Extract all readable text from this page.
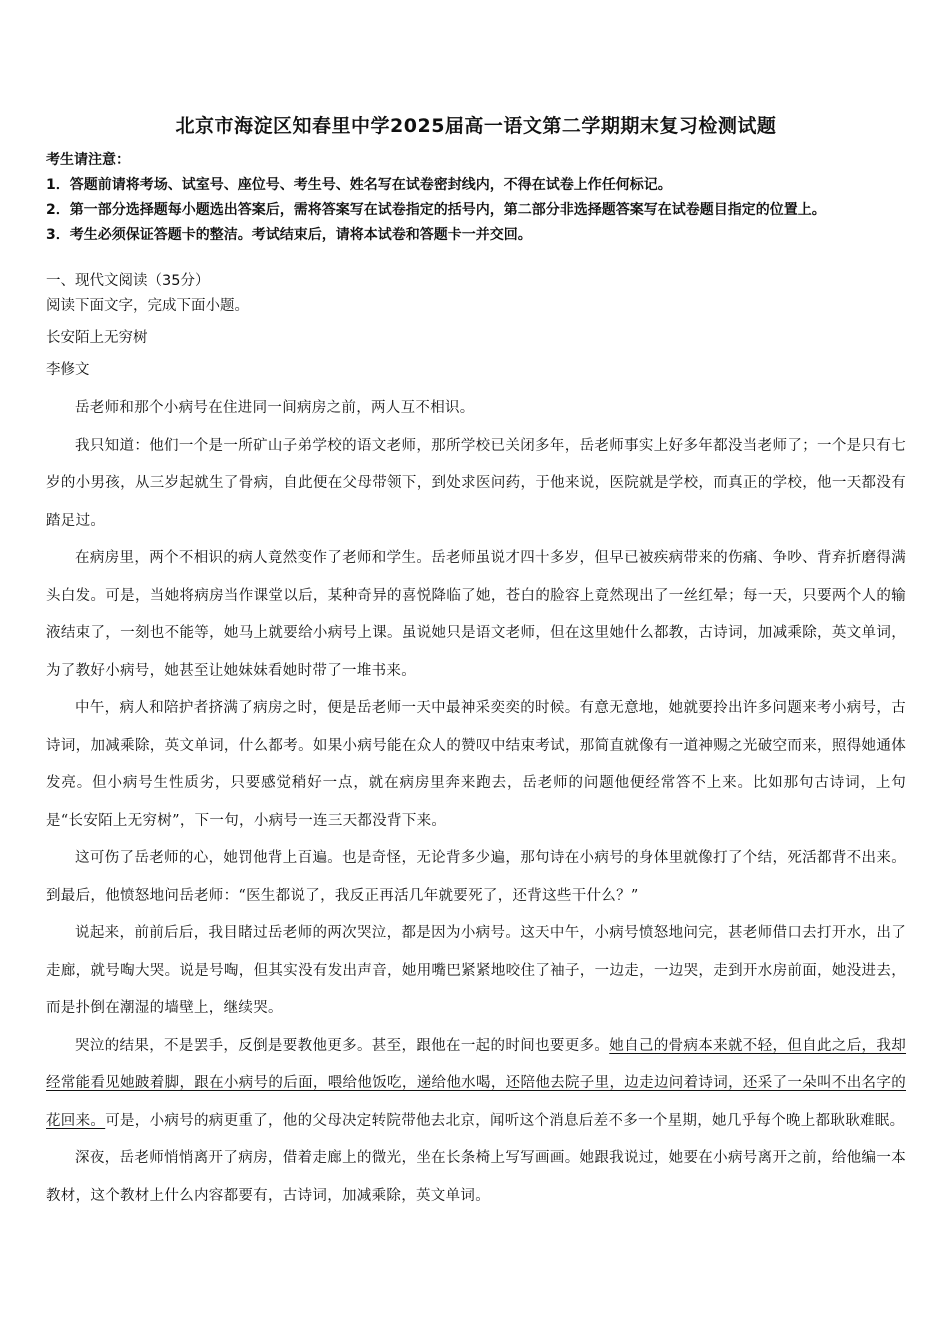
北京市海淀区知春里中学2025届高一语文第二学期期末复习检测试题

考生请注意：

1．答题前请将考场、试室号、座位号、考生号、姓名写在试卷密封线内，不得在试卷上作任何标记。

2．第一部分选择题每小题选出答案后，需将答案写在试卷指定的括号内，第二部分非选择题答案写在试卷题目指定的位置上。

3．考生必须保证答题卡的整洁。考试结束后，请将本试卷和答题卡一并交回。

一、现代文阅读（35分）

阅读下面文字，完成下面小题。

长安陌上无穷树

李修文

岳老师和那个小病号在住进同一间病房之前，两人互不相识。

我只知道：他们一个是一所矿山子弟学校的语文老师，那所学校已关闭多年，岳老师事实上好多年都没当老师了；一个是只有七岁的小男孩，从三岁起就生了骨病，自此便在父母带领下，到处求医问药，于他来说，医院就是学校，而真正的学校，他一天都没有踏足过。

在病房里，两个不相识的病人竟然变作了老师和学生。岳老师虽说才四十多岁，但早已被疾病带来的伤痛、争吵、背弃折磨得满头白发。可是，当她将病房当作课堂以后，某种奇异的喜悦降临了她，苍白的脸容上竟然现出了一丝红晕；每一天，只要两个人的输液结束了，一刻也不能等，她马上就要给小病号上课。虽说她只是语文老师，但在这里她什么都教，古诗词，加减乘除，英文单词，为了教好小病号，她甚至让她妹妹看她时带了一堆书来。

中午，病人和陪护者挤满了病房之时，便是岳老师一天中最神采奕奕的时候。有意无意地，她就要拎出许多问题来考小病号，古诗词，加减乘除，英文单词，什么都考。如果小病号能在众人的赞叹中结束考试，那简直就像有一道神赐之光破空而来，照得她通体发亮。但小病号生性质劣，只要感觉稍好一点，就在病房里奔来跑去，岳老师的问题他便经常答不上来。比如那句古诗词，上句是“长安陌上无穷树”，下一句，小病号一连三天都没背下来。

这可伤了岳老师的心，她罚他背上百遍。也是奇怪，无论背多少遍，那句诗在小病号的身体里就像打了个结，死活都背不出来。到最后，他愤怒地问岳老师：“医生都说了，我反正再活几年就要死了，还背这些干什么？”

说起来，前前后后，我目睹过岳老师的两次哭泣，都是因为小病号。这天中午，小病号愤怒地问完，甚老师借口去打开水，出了走廊，就号啕大哭。说是号啕，但其实没有发出声音，她用嘴巴紧紧地咬住了袖子，一边走，一边哭，走到开水房前面，她没进去，而是扑倒在潮湿的墙壁上，继续哭。

哭泣的结果，不是罢手，反倒是要教他更多。甚至，跟他在一起的时间也要更多。她自己的骨病本来就不轻，但自此之后，我却经常能看见她跛着脚，跟在小病号的后面，喂给他饭吃，递给他水喝，还陪他去院子里，边走边问着诗词，还采了一朵叫不出名字的花回来。可是，小病号的病更重了，他的父母决定转院带他去北京，闻听这个消息后差不多一个星期，她几乎每个晚上都耿耿难眠。

深夜，岳老师悄悄离开了病房，借着走廊上的微光，坐在长条椅上写写画画。她跟我说过，她要在小病号离开之前，给他编一本教材，这个教材上什么内容都要有，古诗词，加减乘除，英文单词。
